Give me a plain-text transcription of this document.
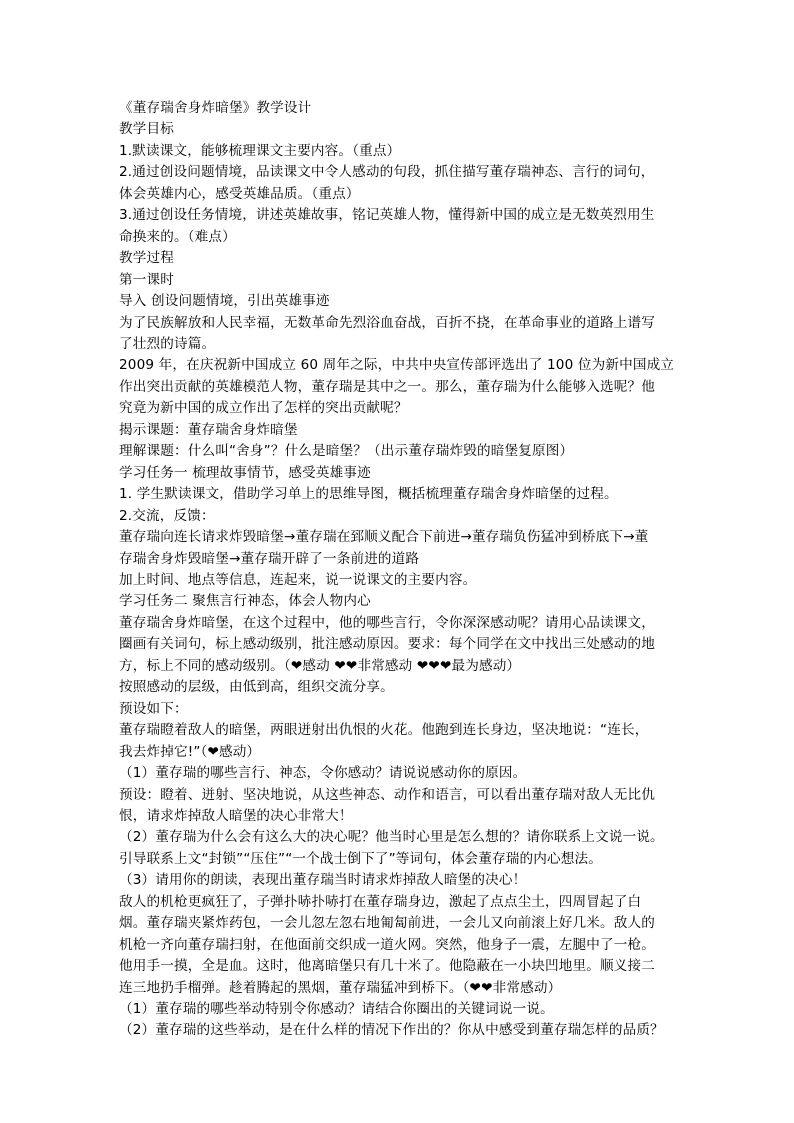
《董存瑞舍身炸暗堡》教学设计
教学目标
1.默读课文，能够梳理课文主要内容。（重点）
2.通过创设问题情境，品读课文中令人感动的句段，抓住描写董存瑞神态、言行的词句，
体会英雄内心，感受英雄品质。（重点）
3.通过创设任务情境，讲述英雄故事，铭记英雄人物，懂得新中国的成立是无数英烈用生
命换来的。（难点）
教学过程
第一课时
导入 创设问题情境，引出英雄事迹
为了民族解放和人民幸福，无数革命先烈浴血奋战，百折不挠，在革命事业的道路上谱写
了壮烈的诗篇。
2009 年，在庆祝新中国成立 60 周年之际，中共中央宣传部评选出了 100 位为新中国成立
作出突出贡献的英雄模范人物，董存瑞是其中之一。那么，董存瑞为什么能够入选呢？他
究竟为新中国的成立作出了怎样的突出贡献呢？
揭示课题：董存瑞舍身炸暗堡
理解课题：什么叫“舍身”？什么是暗堡？（出示董存瑞炸毁的暗堡复原图）
学习任务一 梳理故事情节，感受英雄事迹
1. 学生默读课文，借助学习单上的思维导图，概括梳理董存瑞舍身炸暗堡的过程。
2.交流，反馈：
董存瑞向连长请求炸毁暗堡→董存瑞在郅顺义配合下前进→董存瑞负伤猛冲到桥底下→董
存瑞舍身炸毁暗堡→董存瑞开辟了一条前进的道路
加上时间、地点等信息，连起来，说一说课文的主要内容。
学习任务二 聚焦言行神态，体会人物内心
董存瑞舍身炸暗堡，在这个过程中，他的哪些言行，令你深深感动呢？请用心品读课文，
圈画有关词句，标上感动级别，批注感动原因。要求：每个同学在文中找出三处感动的地
方，标上不同的感动级别。（❤感动 ❤❤非常感动 ❤❤❤最为感动）
按照感动的层级，由低到高，组织交流分享。
预设如下：
董存瑞瞪着敌人的暗堡，两眼迸射出仇恨的火花。他跑到连长身边，坚决地说：“连长，
我去炸掉它!”（❤感动）
（1）董存瑞的哪些言行、神态，令你感动？请说说感动你的原因。
预设：瞪着、迸射、坚决地说，从这些神态、动作和语言，可以看出董存瑞对敌人无比仇
恨，请求炸掉敌人暗堡的决心非常大！
（2）董存瑞为什么会有这么大的决心呢？他当时心里是怎么想的？请你联系上文说一说。
引导联系上文“封锁”“压住”“一个战士倒下了”等词句，体会董存瑞的内心想法。
（3）请用你的朗读，表现出董存瑞当时请求炸掉敌人暗堡的决心！
敌人的机枪更疯狂了，子弹扑哧扑哧打在董存瑞身边，激起了点点尘土，四周冒起了白
烟。董存瑞夹紧炸药包，一会儿忽左忽右地匍匐前进，一会儿又向前滚上好几米。敌人的
机枪一齐向董存瑞扫射，在他面前交织成一道火网。突然，他身子一震，左腿中了一枪。
他用手一摸，全是血。这时，他离暗堡只有几十米了。他隐蔽在一小块凹地里。顺义接二
连三地扔手榴弹。趁着腾起的黑烟，董存瑞猛冲到桥下。（❤❤非常感动）
（1）董存瑞的哪些举动特别令你感动？请结合你圈出的关键词说一说。
（2）董存瑞的这些举动，是在什么样的情况下作出的？你从中感受到董存瑞怎样的品质？
